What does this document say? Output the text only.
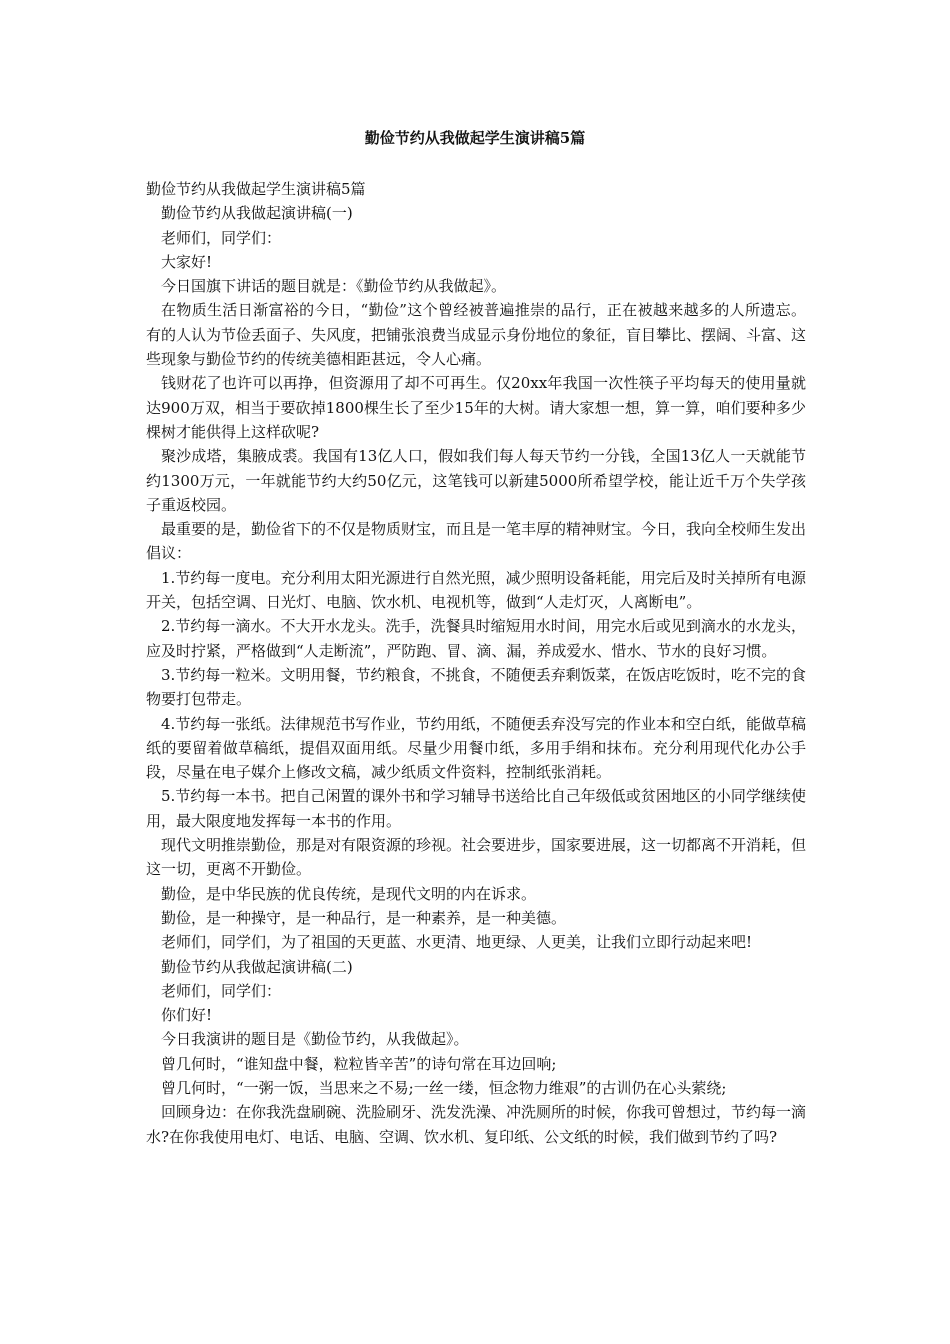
勤俭节约从我做起学生演讲稿5篇

勤俭节约从我做起学生演讲稿5篇

勤俭节约从我做起演讲稿(一)

老师们，同学们：

大家好!

今日国旗下讲话的题目就是：《勤俭节约从我做起》。

在物质生活日渐富裕的今日，“勤俭”这个曾经被普遍推崇的品行，正在被越来越多的人所遗忘。有的人认为节俭丢面子、失风度，把铺张浪费当成显示身份地位的象征，盲目攀比、摆阔、斗富、这些现象与勤俭节约的传统美德相距甚远，令人心痛。

钱财花了也许可以再挣，但资源用了却不可再生。仅20xx年我国一次性筷子平均每天的使用量就达900万双，相当于要砍掉1800棵生长了至少15年的大树。请大家想一想，算一算，咱们要种多少棵树才能供得上这样砍呢?

聚沙成塔，集腋成裘。我国有13亿人口，假如我们每人每天节约一分钱，全国13亿人一天就能节约1300万元，一年就能节约大约50亿元，这笔钱可以新建5000所希望学校，能让近千万个失学孩子重返校园。

最重要的是，勤俭省下的不仅是物质财宝，而且是一笔丰厚的精神财宝。今日，我向全校师生发出倡议：

1.节约每一度电。充分利用太阳光源进行自然光照，减少照明设备耗能，用完后及时关掉所有电源开关，包括空调、日光灯、电脑、饮水机、电视机等，做到“人走灯灭，人离断电”。

2.节约每一滴水。不大开水龙头。洗手，洗餐具时缩短用水时间，用完水后或见到滴水的水龙头，应及时拧紧，严格做到“人走断流”，严防跑、冒、滴、漏，养成爱水、惜水、节水的良好习惯。

3.节约每一粒米。文明用餐，节约粮食，不挑食，不随便丢弃剩饭菜，在饭店吃饭时，吃不完的食物要打包带走。

4.节约每一张纸。法律规范书写作业，节约用纸，不随便丢弃没写完的作业本和空白纸，能做草稿纸的要留着做草稿纸，提倡双面用纸。尽量少用餐巾纸，多用手绢和抹布。充分利用现代化办公手段，尽量在电子媒介上修改文稿，减少纸质文件资料，控制纸张消耗。

5.节约每一本书。把自己闲置的课外书和学习辅导书送给比自己年级低或贫困地区的小同学继续使用，最大限度地发挥每一本书的作用。

现代文明推崇勤俭，那是对有限资源的珍视。社会要进步，国家要进展，这一切都离不开消耗，但这一切，更离不开勤俭。

勤俭，是中华民族的优良传统，是现代文明的内在诉求。

勤俭，是一种操守，是一种品行，是一种素养，是一种美德。

老师们，同学们，为了祖国的天更蓝、水更清、地更绿、人更美，让我们立即行动起来吧!

勤俭节约从我做起演讲稿(二)

老师们，同学们：

你们好!

今日我演讲的题目是《勤俭节约，从我做起》。

曾几何时，“谁知盘中餐，粒粒皆辛苦”的诗句常在耳边回响;

曾几何时，“一粥一饭，当思来之不易;一丝一缕，恒念物力维艰”的古训仍在心头萦绕;

回顾身边：在你我洗盘刷碗、洗脸刷牙、洗发洗澡、冲洗厕所的时候，你我可曾想过，节约每一滴水?在你我使用电灯、电话、电脑、空调、饮水机、复印纸、公文纸的时候，我们做到节约了吗?
